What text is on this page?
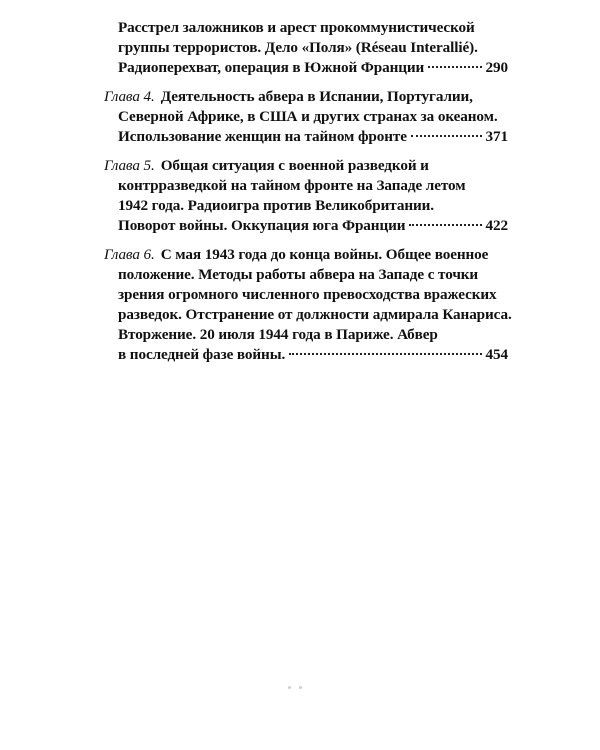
Расстрел заложников и арест прокоммунистической
группы террористов. Дело «Поля» (Réseau Interallié).
Радиоперехват, операция в Южной Франции	290
Глава 4. Деятельность абвера в Испании, Португалии,
Северной Африке, в США и других странах за океаном.
Использование женщин на тайном фронте	371
Глава 5. Общая ситуация с военной разведкой и
контрразведкой на тайном фронте на Западе летом
1942 года. Радиоигра против Великобритании.
Поворот войны. Оккупация юга Франции	422
Глава 6. С мая 1943 года до конца войны. Общее военное
положение. Методы работы абвера на Западе с точки
зрения огромного численного превосходства вражеских
разведок. Отстранение от должности адмирала Канариса.
Вторжение. 20 июля 1944 года в Париже. Абвер
в последней фазе войны.	454
